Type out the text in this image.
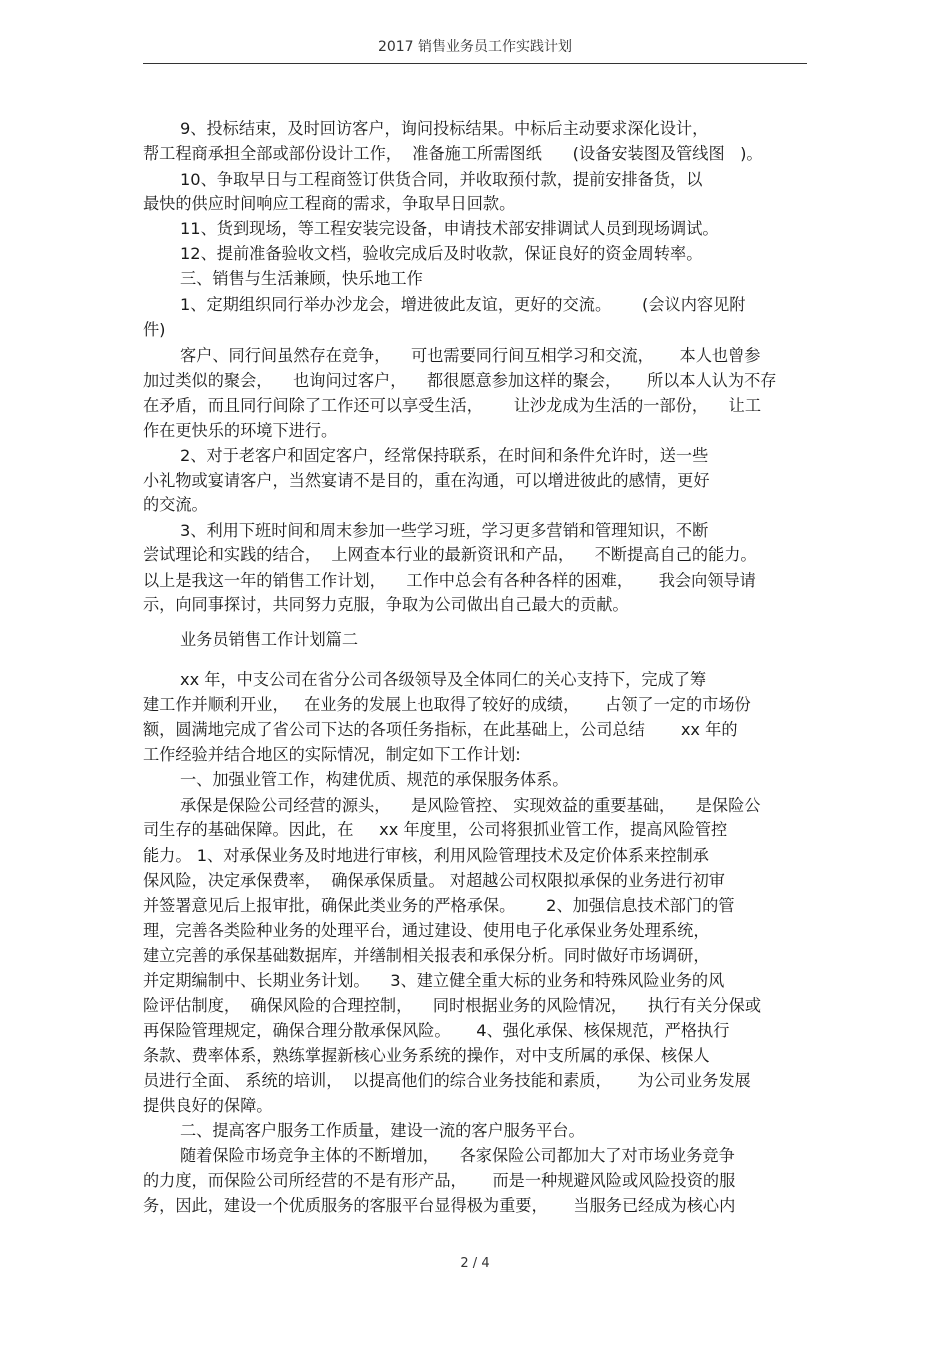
2017 销售业务员工作实践计划
9、投标结束，及时回访客户，询问投标结果。中标后主动要求深化设计，
帮工程商承担全部或部份设计工作，  准备施工所需图纸      (设备安装图及管线图   )。
10、争取早日与工程商签订供货合同，并收取预付款，提前安排备货，以
最快的供应时间响应工程商的需求，争取早日回款。
11、货到现场，等工程安装完设备，申请技术部安排调试人员到现场调试。
12、提前准备验收文档，验收完成后及时收款，保证良好的资金周转率。
三、销售与生活兼顾，快乐地工作
1、定期组织同行举办沙龙会，增进彼此友谊，更好的交流。      (会议内容见附
件)
客户、同行间虽然存在竞争，    可也需要同行间互相学习和交流，     本人也曾参
加过类似的聚会，    也询问过客户，    都很愿意参加这样的聚会，     所以本人认为不存
在矛盾，而且同行间除了工作还可以享受生活，      让沙龙成为生活的一部份，    让工
作在更快乐的环境下进行。
2、对于老客户和固定客户，经常保持联系，在时间和条件允许时，送一些
小礼物或宴请客户，当然宴请不是目的，重在沟通，可以增进彼此的感情，更好
的交流。
3、利用下班时间和周末参加一些学习班，学习更多营销和管理知识，不断
尝试理论和实践的结合，  上网查本行业的最新资讯和产品，    不断提高自己的能力。
以上是我这一年的销售工作计划，    工作中总会有各种各样的困难，     我会向领导请
示，向同事探讨，共同努力克服，争取为公司做出自己最大的贡献。
业务员销售工作计划篇二
xx 年，中支公司在省分公司各级领导及全体同仁的关心支持下，完成了筹
建工作并顺利开业，   在业务的发展上也取得了较好的成绩，     占领了一定的市场份
额，圆满地完成了省公司下达的各项任务指标，在此基础上，公司总结       xx 年的
工作经验并结合地区的实际情况，制定如下工作计划:
一、加强业管工作，构建优质、规范的承保服务体系。
承保是保险公司经营的源头，    是风险管控、 实现效益的重要基础，    是保险公
司生存的基础保障。因此，在     xx 年度里，公司将狠抓业管工作，提高风险管控
能力。 1、对承保业务及时地进行审核，利用风险管理技术及定价体系来控制承
保风险，决定承保费率，  确保承保质量。 对超越公司权限拟承保的业务进行初审
并签署意见后上报审批，确保此类业务的严格承保。      2、加强信息技术部门的管
理，完善各类险种业务的处理平台，通过建设、使用电子化承保业务处理系统，
建立完善的承保基础数据库，并缮制相关报表和承保分析。同时做好市场调研，
并定期编制中、长期业务计划。    3、建立健全重大标的业务和特殊风险业务的风
险评估制度，  确保风险的合理控制，    同时根据业务的风险情况，    执行有关分保或
再保险管理规定，确保合理分散承保风险。     4、强化承保、核保规范，严格执行
条款、费率体系，熟练掌握新核心业务系统的操作，对中支所属的承保、核保人
员进行全面、 系统的培训，  以提高他们的综合业务技能和素质，     为公司业务发展
提供良好的保障。
二、提高客户服务工作质量，建设一流的客户服务平台。
随着保险市场竞争主体的不断增加，    各家保险公司都加大了对市场业务竞争
的力度，而保险公司所经营的不是有形产品，     而是一种规避风险或风险投资的服
务，因此，建设一个优质服务的客服平台显得极为重要，     当服务已经成为核心内
2 / 4
